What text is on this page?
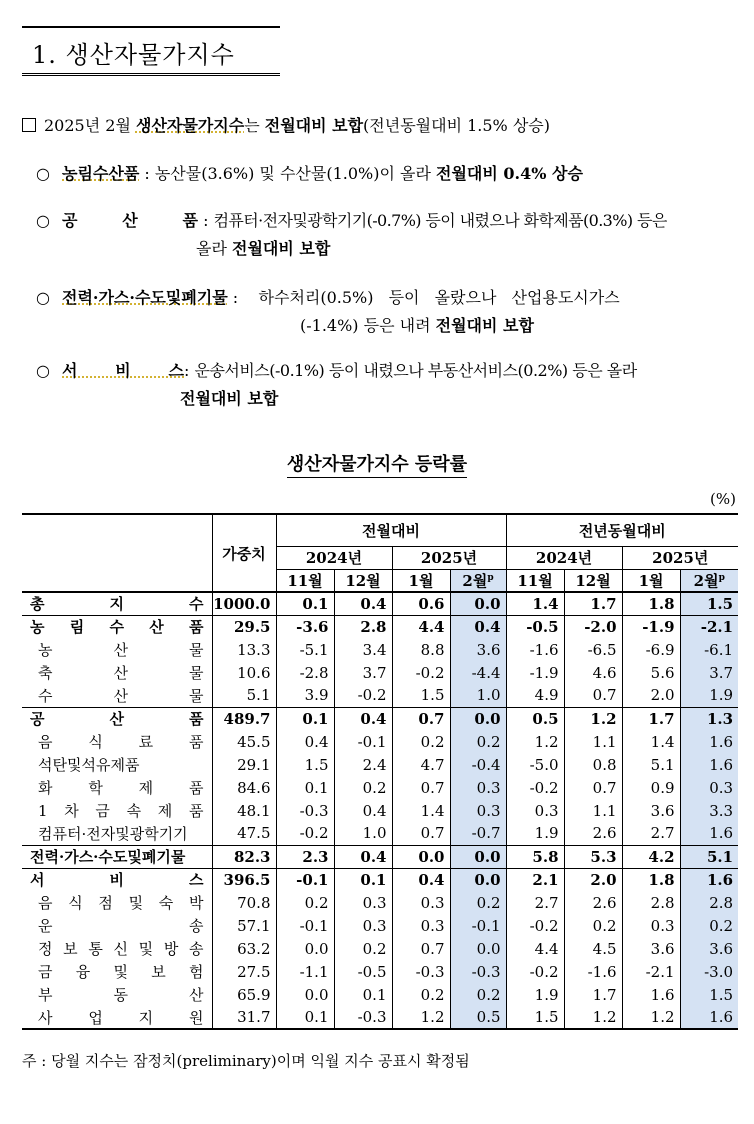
1. 생산자물가지수
2025년 2월 생산자물가지수는 전월대비 보합(전년동월대비 1.5% 상승)
○ 농림수산품 : 농산물(3.6%) 및 수산물(1.0%)이 올라 전월대비 0.4% 상승
○ 공 산 품 : 컴퓨터·전자및광학기기(-0.7%) 등이 내렸으나 화학제품(0.3%) 등은
올라 전월대비 보합
○ 전력·가스·수도및폐기물 :    하수처리(0.5%) 등이 올랐으나 산업용도시가스
(-1.4%) 등은 내려 전월대비 보합
○ 서 비 스: 운송서비스(-0.1%) 등이 내렸으나 부동산서비스(0.2%) 등은 올라
전월대비 보합
생산자물가지수 등락률
(%)
	가중치	전월대비				전년동월대비			
		2024년		2025년		2024년		2025년	
		11월	12월	1월	2월$^p$	11월	12월	1월	2월$^p$
총 지 수	1000.0	0.1	0.4	0.6	0.0	1.4	1.7	1.8	1.5
농 림 수 산 품	29.5	-3.6	2.8	4.4	0.4	-0.5	-2.0	-1.9	-2.1
농 산 물	13.3	-5.1	3.4	8.8	3.6	-1.6	-6.5	-6.9	-6.1
축 산 물	10.6	-2.8	3.7	-0.2	-4.4	-1.9	4.6	5.6	3.7
수 산 물	5.1	3.9	-0.2	1.5	1.0	4.9	0.7	2.0	1.9
공 산 품	489.7	0.1	0.4	0.7	0.0	0.5	1.2	1.7	1.3
음 식 료 품	45.5	0.4	-0.1	0.2	0.2	1.2	1.1	1.4	1.6
석탄및석유제품	29.1	1.5	2.4	4.7	-0.4	-5.0	0.8	5.1	1.6
화 학 제 품	84.6	0.1	0.2	0.7	0.3	-0.2	0.7	0.9	0.3
1 차 금 속 제 품	48.1	-0.3	0.4	1.4	0.3	0.3	1.1	3.6	3.3
컴퓨터·전자및광학기기	47.5	-0.2	1.0	0.7	-0.7	1.9	2.6	2.7	1.6
전력·가스·수도및폐기물	82.3	2.3	0.4	0.0	0.0	5.8	5.3	4.2	5.1
서 비 스	396.5	-0.1	0.1	0.4	0.0	2.1	2.0	1.8	1.6
음 식 점 및 숙 박	70.8	0.2	0.3	0.3	0.2	2.7	2.6	2.8	2.8
운 송	57.1	-0.1	0.3	0.3	-0.1	-0.2	0.2	0.3	0.2
정 보 통 신 및 방 송	63.2	0.0	0.2	0.7	0.0	4.4	4.5	3.6	3.6
금 융 및 보 험	27.5	-1.1	-0.5	-0.3	-0.3	-0.2	-1.6	-2.1	-3.0
부 동 산	65.9	0.0	0.1	0.2	0.2	1.9	1.7	1.6	1.5
사 업 지 원	31.7	0.1	-0.3	1.2	0.5	1.5	1.2	1.2	1.6
주 : 당월 지수는 잠정치(preliminary)이며 익월 지수 공표시 확정됨
